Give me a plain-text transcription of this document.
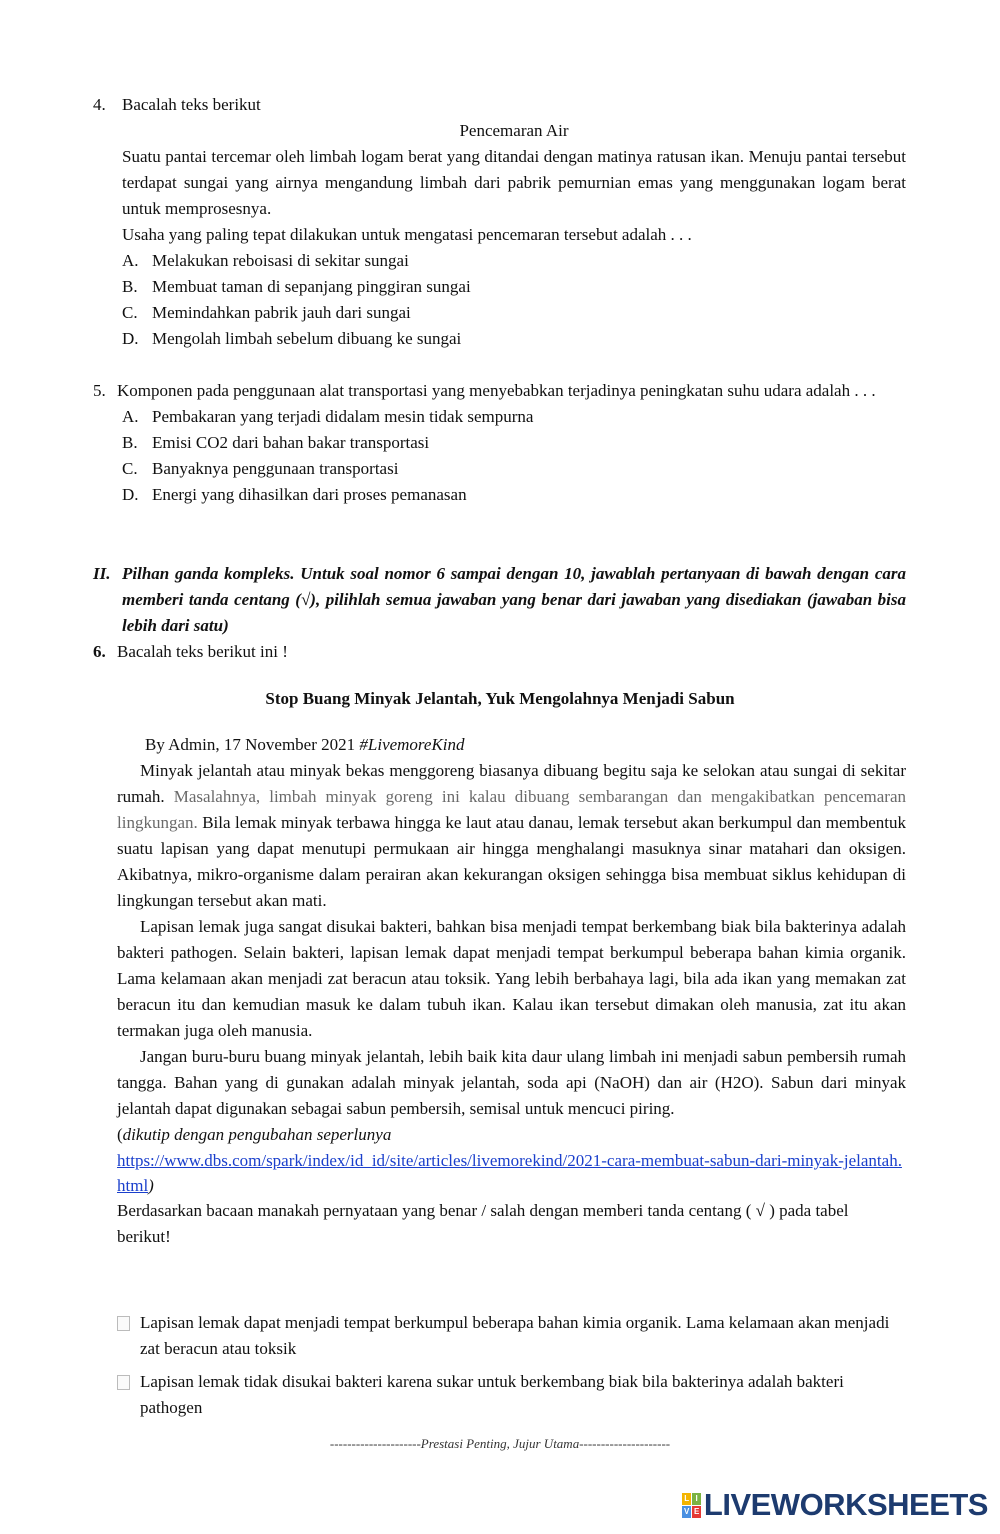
4. Bacalah teks berikut
Pencemaran Air
Suatu pantai tercemar oleh limbah logam berat yang ditandai dengan matinya ratusan ikan. Menuju pantai tersebut terdapat sungai yang airnya mengandung limbah dari pabrik pemurnian emas yang menggunakan logam berat untuk memprosesnya.
Usaha yang paling tepat dilakukan untuk mengatasi pencemaran tersebut adalah . . .
A. Melakukan reboisasi di sekitar sungai
B. Membuat taman di sepanjang pinggiran sungai
C. Memindahkan pabrik jauh dari sungai
D. Mengolah limbah sebelum dibuang ke sungai
5. Komponen pada penggunaan alat transportasi yang menyebabkan terjadinya peningkatan suhu udara adalah . . .
A. Pembakaran yang terjadi didalam mesin tidak sempurna
B. Emisi CO2 dari bahan bakar transportasi
C. Banyaknya penggunaan transportasi
D. Energi yang dihasilkan dari proses pemanasan
II. Pilhan ganda kompleks. Untuk soal nomor 6 sampai dengan 10, jawablah pertanyaan di bawah dengan cara memberi tanda centang (√), pilihlah semua jawaban yang benar dari jawaban yang disediakan (jawaban bisa lebih dari satu)
6. Bacalah teks berikut ini !
Stop Buang Minyak Jelantah, Yuk Mengolahnya Menjadi Sabun
By Admin, 17 November 2021 #LivemoreKind
Minyak jelantah atau minyak bekas menggoreng biasanya dibuang begitu saja ke selokan atau sungai di sekitar rumah. Masalahnya, limbah minyak goreng ini kalau dibuang sembarangan dan mengakibatkan pencemaran lingkungan. Bila lemak minyak terbawa hingga ke laut atau danau, lemak tersebut akan berkumpul dan membentuk suatu lapisan yang dapat menutupi permukaan air hingga menghalangi masuknya sinar matahari dan oksigen. Akibatnya, mikro-organisme dalam perairan akan kekurangan oksigen sehingga bisa membuat siklus kehidupan di lingkungan tersebut akan mati.
Lapisan lemak juga sangat disukai bakteri, bahkan bisa menjadi tempat berkembang biak bila bakterinya adalah bakteri pathogen. Selain bakteri, lapisan lemak dapat menjadi tempat berkumpul beberapa bahan kimia organik. Lama kelamaan akan menjadi zat beracun atau toksik. Yang lebih berbahaya lagi, bila ada ikan yang memakan zat beracun itu dan kemudian masuk ke dalam tubuh ikan. Kalau ikan tersebut dimakan oleh manusia, zat itu akan termakan juga oleh manusia.
Jangan buru-buru buang minyak jelantah, lebih baik kita daur ulang limbah ini menjadi sabun pembersih rumah tangga. Bahan yang di gunakan adalah minyak jelantah, soda api (NaOH) dan air (H2O). Sabun dari minyak jelantah dapat digunakan sebagai sabun pembersih, semisal untuk mencuci piring.
(dikutip dengan pengubahan seperlunya
https://www.dbs.com/spark/index/id_id/site/articles/livemorekind/2021-cara-membuat-sabun-dari-minyak-jelantah.html)
Berdasarkan bacaan manakah pernyataan yang benar / salah dengan memberi tanda centang ( √ ) pada tabel berikut!
Lapisan lemak dapat menjadi tempat berkumpul beberapa bahan kimia organik. Lama kelamaan akan menjadi zat beracun atau toksik
Lapisan lemak tidak disukai bakteri karena sukar untuk berkembang biak bila bakterinya adalah bakteri pathogen
---------------------Prestasi Penting, Jujur Utama---------------------
L I
V E LIVEWORKSHEETS
